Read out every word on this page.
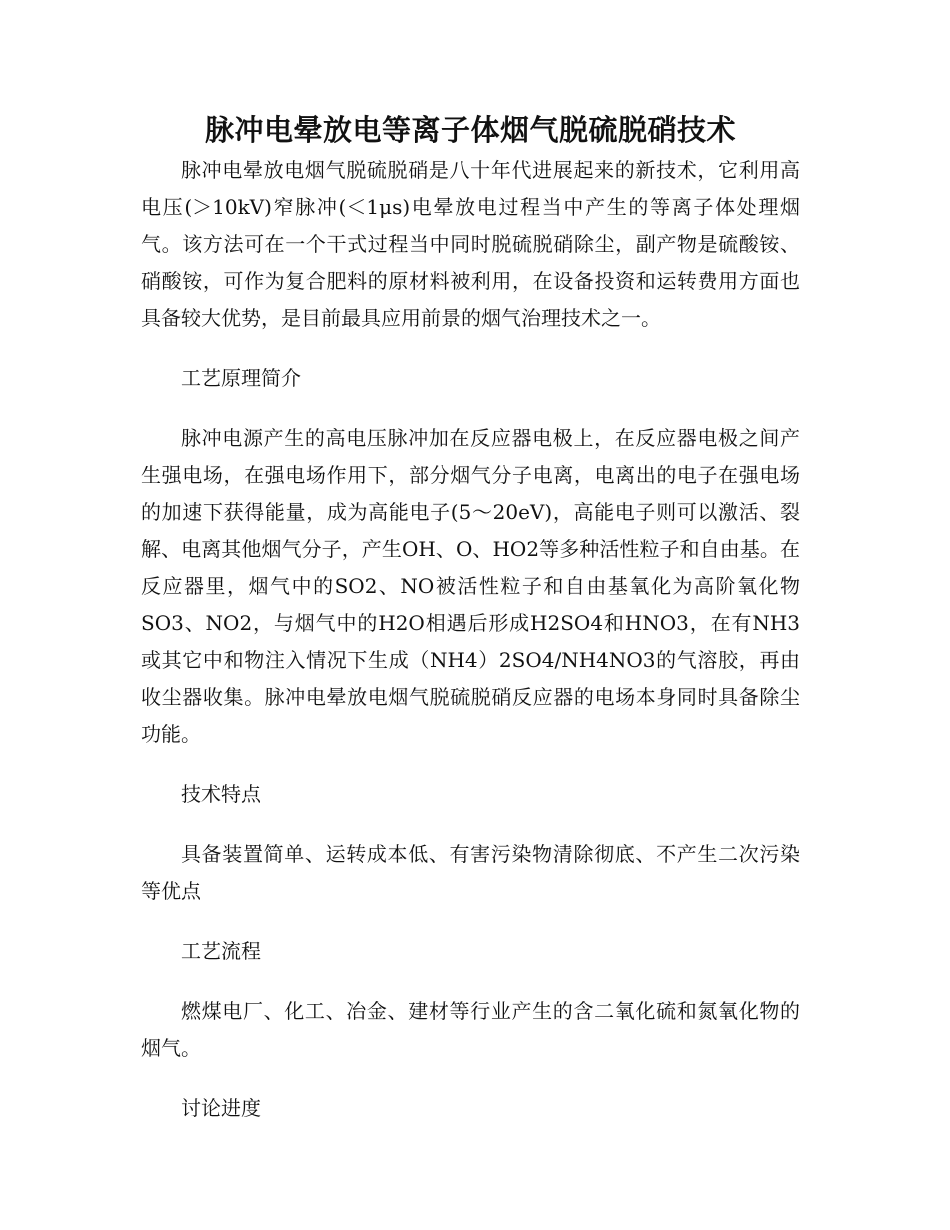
脉冲电晕放电等离子体烟气脱硫脱硝技术

脉冲电晕放电烟气脱硫脱硝是八十年代进展起来的新技术，它利用高电压(＞10kV)窄脉冲(＜1μs)电晕放电过程当中产生的等离子体处理烟气。该方法可在一个干式过程当中同时脱硫脱硝除尘，副产物是硫酸铵、硝酸铵，可作为复合肥料的原材料被利用，在设备投资和运转费用方面也具备较大优势，是目前最具应用前景的烟气治理技术之一。

工艺原理简介

脉冲电源产生的高电压脉冲加在反应器电极上，在反应器电极之间产生强电场，在强电场作用下，部分烟气分子电离，电离出的电子在强电场的加速下获得能量，成为高能电子(5～20eV)，高能电子则可以激活、裂解、电离其他烟气分子，产生OH、O、HO2等多种活性粒子和自由基。在反应器里，烟气中的SO2、NO被活性粒子和自由基氧化为高阶氧化物SO3、NO2，与烟气中的H2O相遇后形成H2SO4和HNO3，在有NH3或其它中和物注入情况下生成（NH4）2SO4/NH4NO3的气溶胶，再由收尘器收集。脉冲电晕放电烟气脱硫脱硝反应器的电场本身同时具备除尘功能。

技术特点

具备装置简单、运转成本低、有害污染物清除彻底、不产生二次污染等优点

工艺流程

燃煤电厂、化工、冶金、建材等行业产生的含二氧化硫和氮氧化物的烟气。

讨论进度
